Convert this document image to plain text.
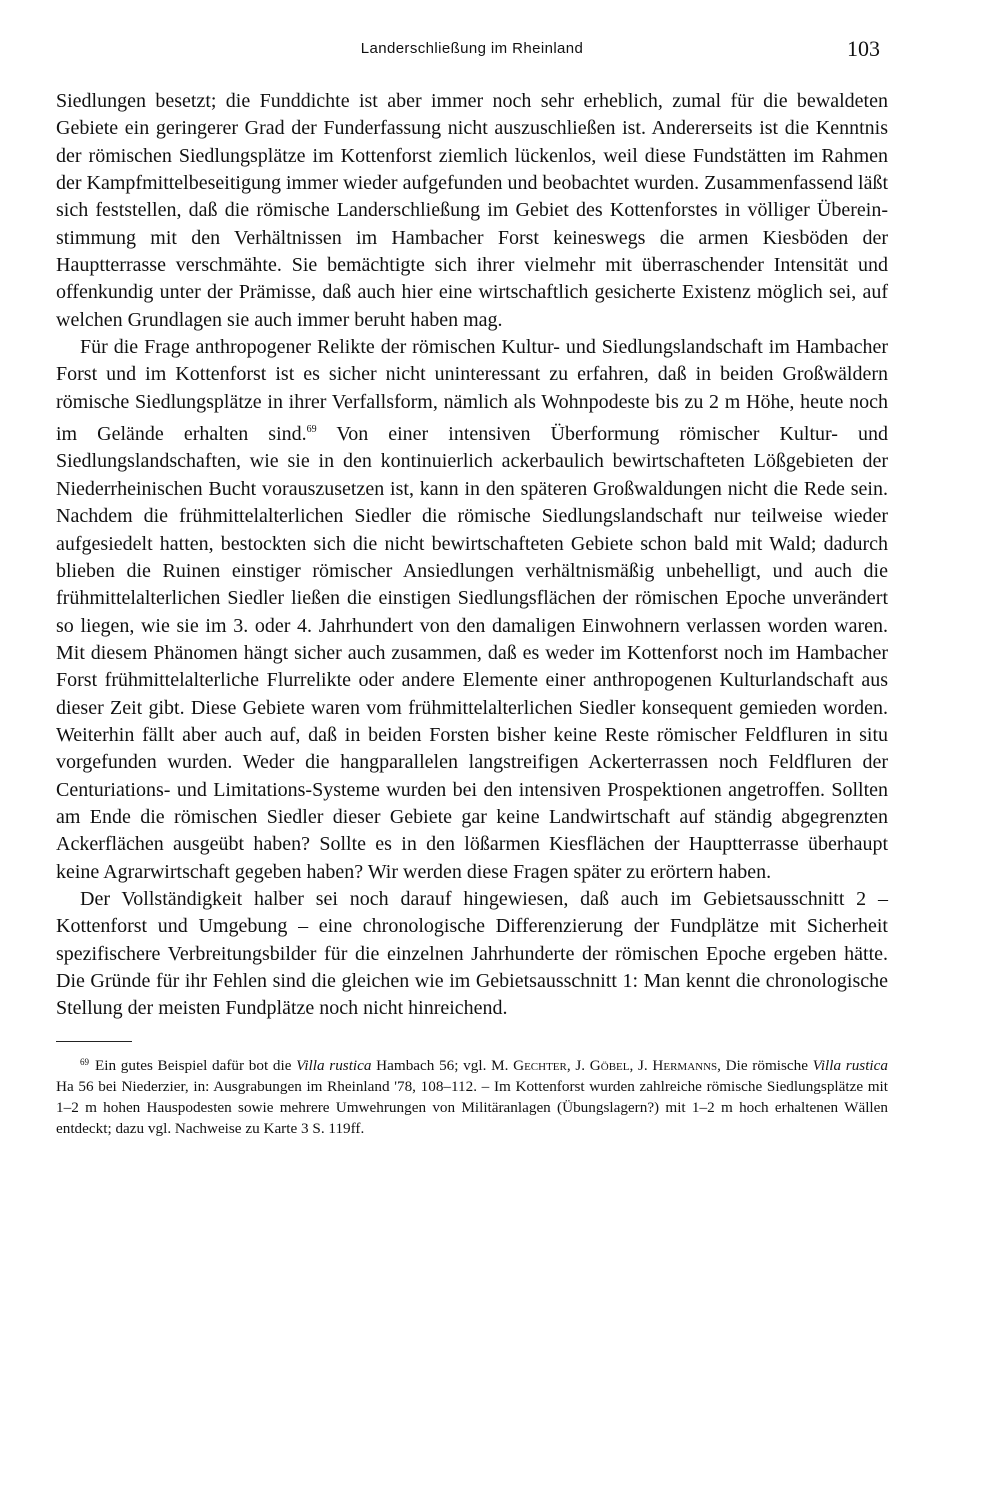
Landerschließung im Rheinland	103

Siedlungen besetzt; die Funddichte ist aber immer noch sehr erheblich, zumal für die bewaldeten Gebiete ein geringerer Grad der Funderfassung nicht auszuschließen ist. Andererseits ist die Kenntnis der römischen Siedlungsplätze im Kottenforst ziemlich lückenlos, weil diese Fundstätten im Rahmen der Kampfmittelbeseitigung immer wieder aufgefunden und beobachtet wurden. Zusammenfassend läßt sich feststellen, daß die römische Landerschließung im Gebiet des Kottenforstes in völliger Übereinstimmung mit den Verhältnissen im Hambacher Forst keineswegs die armen Kiesböden der Hauptterrasse verschmähte. Sie bemächtigte sich ihrer vielmehr mit überraschender Intensität und offenkundig unter der Prämisse, daß auch hier eine wirtschaftlich gesicherte Existenz möglich sei, auf welchen Grundlagen sie auch immer beruht haben mag.

Für die Frage anthropogener Relikte der römischen Kultur- und Siedlungslandschaft im Hambacher Forst und im Kottenforst ist es sicher nicht uninteressant zu erfahren, daß in beiden Großwäldern römische Siedlungsplätze in ihrer Verfallsform, nämlich als Wohnpodeste bis zu 2 m Höhe, heute noch im Gelände erhalten sind.$^{69}$ Von einer intensiven Überformung römischer Kultur- und Siedlungslandschaften, wie sie in den kontinuierlich ackerbaulich bewirtschafteten Lößgebieten der Niederrheinischen Bucht vorauszusetzen ist, kann in den späteren Großwaldungen nicht die Rede sein. Nachdem die frühmittelalterlichen Siedler die römische Siedlungslandschaft nur teilweise wieder aufgesiedelt hatten, bestockten sich die nicht bewirtschafteten Gebiete schon bald mit Wald; dadurch blieben die Ruinen einstiger römischer Ansiedlungen verhältnismäßig unbehelligt, und auch die frühmittelalterlichen Siedler ließen die einstigen Siedlungsflächen der römischen Epoche unverändert so liegen, wie sie im 3. oder 4. Jahrhundert von den damaligen Einwohnern verlassen worden waren. Mit diesem Phänomen hängt sicher auch zusammen, daß es weder im Kottenforst noch im Hambacher Forst frühmittelalterliche Flurrelikte oder andere Elemente einer anthropogenen Kulturlandschaft aus dieser Zeit gibt. Diese Gebiete waren vom frühmittelalterlichen Siedler konsequent gemieden worden. Weiterhin fällt aber auch auf, daß in beiden Forsten bisher keine Reste römischer Feldfluren in situ vorgefunden wurden. Weder die hangparallelen langstreifigen Ackerterrassen noch Feldfluren der Centuriations- und Limitations-Systeme wurden bei den intensiven Prospektionen angetroffen. Sollten am Ende die römischen Siedler dieser Gebiete gar keine Landwirtschaft auf ständig abgegrenzten Ackerflächen ausgeübt haben? Sollte es in den lößarmen Kiesflächen der Hauptterrasse überhaupt keine Agrarwirtschaft gegeben haben? Wir werden diese Fragen später zu erörtern haben.

Der Vollständigkeit halber sei noch darauf hingewiesen, daß auch im Gebietsausschnitt 2 – Kottenforst und Umgebung – eine chronologische Differenzierung der Fundplätze mit Sicherheit spezifischere Verbreitungsbilder für die einzelnen Jahrhunderte der römischen Epoche ergeben hätte. Die Gründe für ihr Fehlen sind die gleichen wie im Gebietsausschnitt 1: Man kennt die chronologische Stellung der meisten Fundplätze noch nicht hinreichend.

$^{69}$ Ein gutes Beispiel dafür bot die Villa rustica Hambach 56; vgl. M. Gechter, J. Göbel, J. Hermanns, Die römische Villa rustica Ha 56 bei Niederzier, in: Ausgrabungen im Rheinland '78, 108–112. – Im Kottenforst wurden zahlreiche römische Siedlungsplätze mit 1–2 m hohen Hauspodesten sowie mehrere Umwehrungen von Militäranlagen (Übungslagern?) mit 1–2 m hoch erhaltenen Wällen entdeckt; dazu vgl. Nachweise zu Karte 3 S. 119ff.
